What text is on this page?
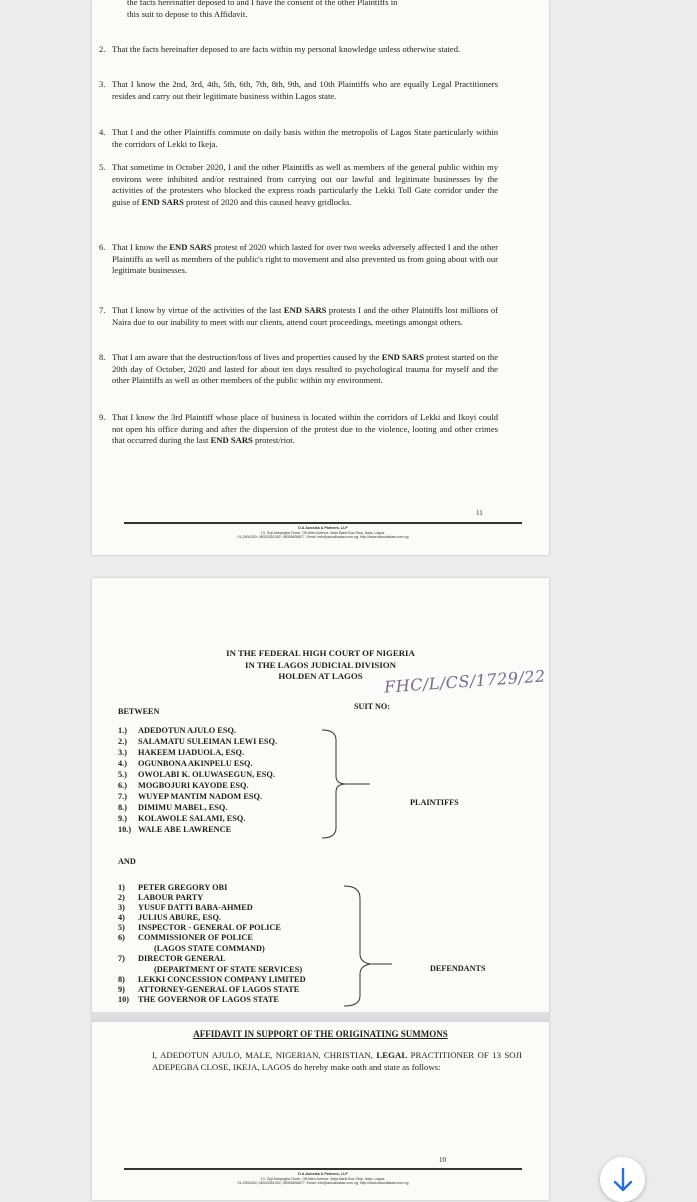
the facts hereinafter deposed to and I have the consent of the other Plaintiffs in
this suit to depose to this Affidavit.
2. That the facts hereinafter deposed to are facts within my personal knowledge unless otherwise stated.
3. That I know the 2nd, 3rd, 4th, 5th, 6th, 7th, 8th, 9th, and 10th Plaintiffs who are equally Legal Practitioners resides and carry out their legitimate business within Lagos state.
4. That I and the other Plaintiffs commute on daily basis within the metropolis of Lagos State particularly within the corridors of Lekki to Ikeja.
5. That sometime in October 2020, I and the other Plaintiffs as well as members of the general public within my environs were inhibited and/or restrained from carrying out our lawful and legitimate businesses by the activities of the protesters who blocked the express roads particularly the Lekki Toll Gate corridor under the guise of END SARS protest of 2020 and this caused heavy gridlocks.
6. That I know the END SARS protest of 2020 which lasted for over two weeks adversely affected I and the other Plaintiffs as well as members of the public's right to movement and also prevented us from going about with our legitimate businesses.
7. That I know by virtue of the activities of the last END SARS protests I and the other Plaintiffs lost millions of Naira due to our inability to meet with our clients, attend court proceedings, meetings amongst others.
8. That I am aware that the destruction/loss of lives and properties caused by the END SARS protest started on the 20th day of October, 2020 and lasted for about ten days resulted to psychological trauma for myself and the other Plaintiffs as well as other members of the public within my environment.
9. That I know the 3rd Plaintiff whose place of business is located within the corridors of Lekki and Ikoyi could not open his office during and after the dispersion of the protest due to the violence, looting and other crimes that occurred during the last END SARS protest/riot.
11
D.A Awosika & Partners, LLP
13, Soji Adepegba Close, Off Allen Avenue, Ikeja Bank Bus Stop, Ikeja, Lagos.
01-2904330; 08033351392; 08055836877. Email: info@awosikalaw.com.ng; http://www.awosikalaw.com.ng
IN THE FEDERAL HIGH COURT OF NIGERIA
IN THE LAGOS JUDICIAL DIVISION
HOLDEN AT LAGOS	FHC/L/CS/1729/22
SUIT NO:
BETWEEN
1.) ADEDOTUN AJULO ESQ.
2.) SALAMATU SULEIMAN LEWI ESQ.
3.) HAKEEM IJADUOLA, ESQ.
4.) OGUNBONA AKINPELU ESQ.
5.) OWOLABI K. OLUWASEGUN, ESQ.
6.) MOGBOJURI KAYODE ESQ.
7.) WUYEP MANTIM NADOM ESQ.
8.) DIMIMU MABEL, ESQ.
9.) KOLAWOLE SALAMI, ESQ.
10.) WALE ABE LAWRENCE
PLAINTIFFS
AND
1) PETER GREGORY OBI
2) LABOUR PARTY
3) YUSUF DATTI BABA-AHMED
4) JULIUS ABURE, ESQ.
5) INSPECTOR - GENERAL OF POLICE
6) COMMISSIONER OF POLICE
(LAGOS STATE COMMAND)
7) DIRECTOR GENERAL
(DEPARTMENT OF STATE SERVICES)
8) LEKKI CONCESSION COMPANY LIMITED
9) ATTORNEY-GENERAL OF LAGOS STATE
10) THE GOVERNOR OF LAGOS STATE
DEFENDANTS
AFFIDAVIT IN SUPPORT OF THE ORIGINATING SUMMONS
I, ADEDOTUN AJULO, MALE, NIGERIAN, CHRISTIAN, LEGAL PRACTITIONER OF 13 SOJI ADEPEGBA CLOSE, IKEJA, LAGOS do hereby make oath and state as follows:
10
D.A Awosika & Partners, LLP
13, Soji Adepegba Close, Off Allen Avenue, Ikeja Bank Bus Stop, Ikeja, Lagos.
01-2904330; 08033351392; 08055836877. Email: info@awosikalaw.com.ng; http://www.awosikalaw.com.ng
